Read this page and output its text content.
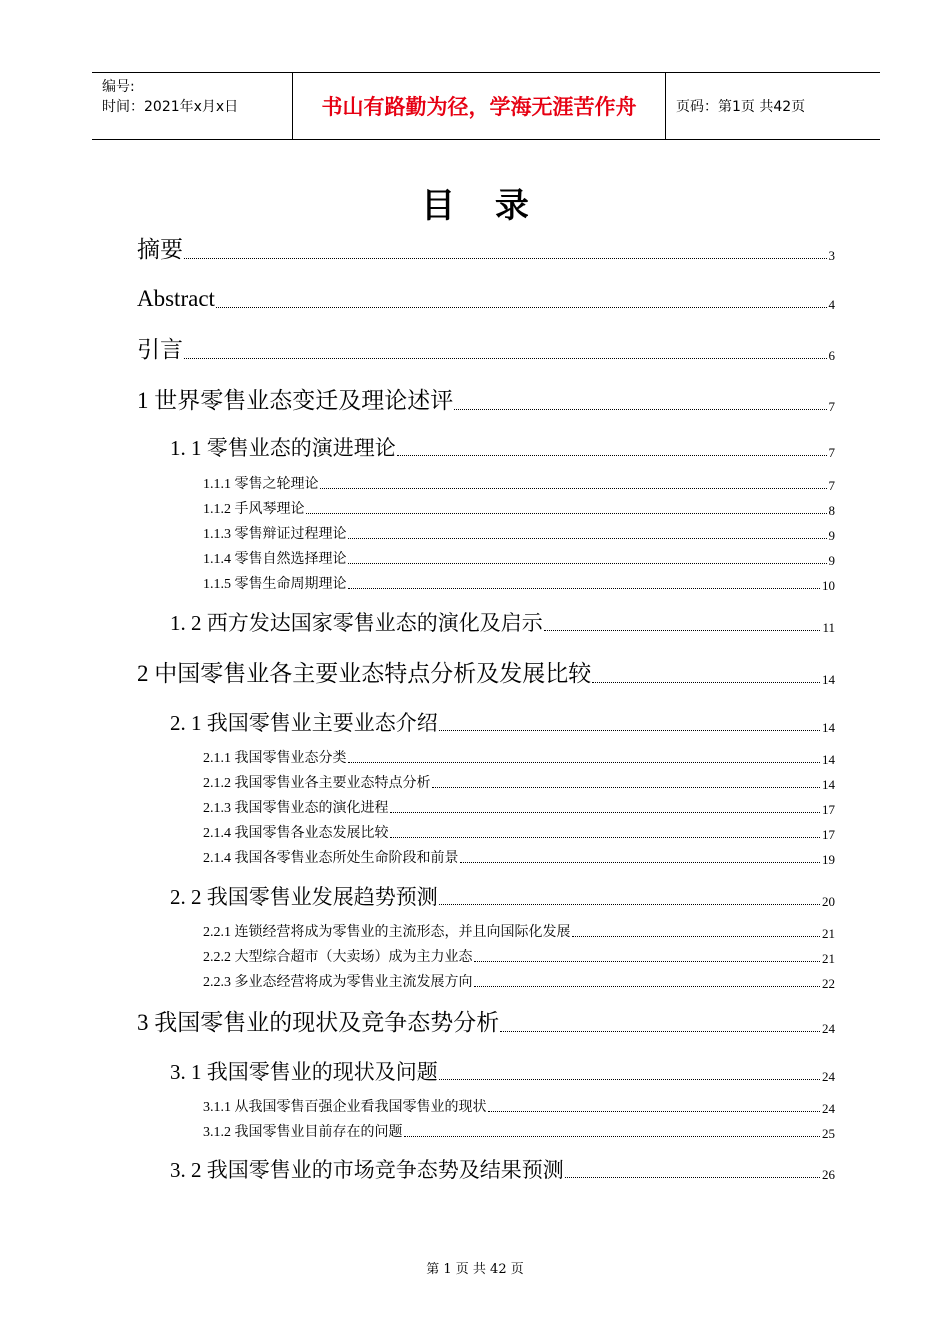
编号:
时间：2021年x月x日	书山有路勤为径，学海无涯苦作舟	页码：第1页 共42页
目 录
摘要	3
Abstract	4
引言	6
1 世界零售业态变迁及理论述评	7
1. 1 零售业态的演进理论	7
1.1.1 零售之轮理论	7
1.1.2 手风琴理论	8
1.1.3 零售辩证过程理论	9
1.1.4 零售自然选择理论	9
1.1.5 零售生命周期理论	10
1. 2 西方发达国家零售业态的演化及启示	11
2 中国零售业各主要业态特点分析及发展比较	14
2. 1 我国零售业主要业态介绍	14
2.1.1 我国零售业态分类	14
2.1.2 我国零售业各主要业态特点分析	14
2.1.3 我国零售业态的演化进程	17
2.1.4 我国零售各业态发展比较	17
2.1.4 我国各零售业态所处生命阶段和前景	19
2. 2 我国零售业发展趋势预测	20
2.2.1 连锁经营将成为零售业的主流形态，并且向国际化发展	21
2.2.2 大型综合超市（大卖场）成为主力业态	21
2.2.3 多业态经营将成为零售业主流发展方向	22
3 我国零售业的现状及竞争态势分析	24
3. 1 我国零售业的现状及问题	24
3.1.1 从我国零售百强企业看我国零售业的现状	24
3.1.2 我国零售业目前存在的问题	25
3. 2 我国零售业的市场竞争态势及结果预测	26
第 1 页 共 42 页
